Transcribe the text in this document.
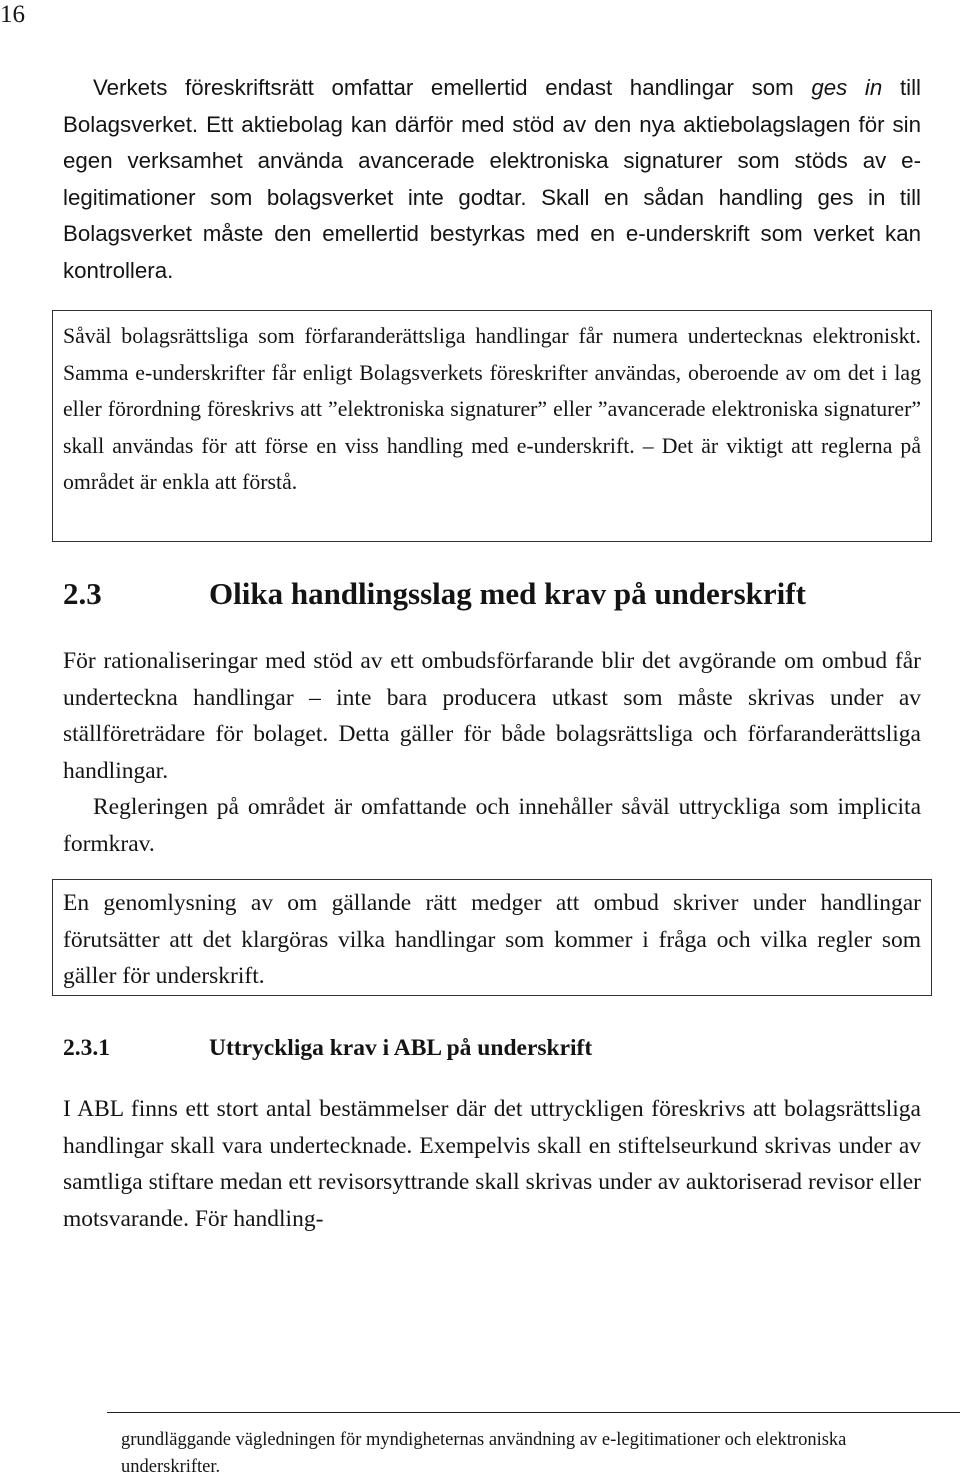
16

Verkets föreskriftsrätt omfattar emellertid endast handlingar som ges in till Bolagsverket. Ett aktiebolag kan därför med stöd av den nya aktiebolagslagen för sin egen verksamhet använda avancerade elektroniska signaturer som stöds av e-legitimationer som bolagsverket inte godtar. Skall en sådan handling ges in till Bolagsverket måste den emellertid bestyrkas med en e-underskrift som verket kan kontrollera.

Såväl bolagsrättsliga som förfaranderättsliga handlingar får numera undertecknas elektroniskt. Samma e-underskrifter får enligt Bolagsverkets föreskrifter användas, oberoende av om det i lag eller förordning föreskrivs att ”elektroniska signaturer” eller ”avancerade elektroniska signaturer” skall användas för att förse en viss handling med e-underskrift. – Det är viktigt att reglerna på området är enkla att förstå.

2.3	Olika handlingsslag med krav på underskrift

För rationaliseringar med stöd av ett ombudsförfarande blir det avgörande om ombud får underteckna handlingar – inte bara producera utkast som måste skrivas under av ställföreträdare för bolaget. Detta gäller för både bolagsrättsliga och förfaranderättsliga handlingar.

Regleringen på området är omfattande och innehåller såväl uttryckliga som implicita formkrav.

En genomlysning av om gällande rätt medger att ombud skriver under handlingar förutsätter att det klargöras vilka handlingar som kommer i fråga och vilka regler som gäller för underskrift.

2.3.1	Uttryckliga krav i ABL på underskrift

I ABL finns ett stort antal bestämmelser där det uttryckligen föreskrivs att bolagsrättsliga handlingar skall vara undertecknade. Exempelvis skall en stiftelseurkund skrivas under av samtliga stiftare medan ett revisorsyttrande skall skrivas under av auktoriserad revisor eller motsvarande. För handling-

grundläggande vägledningen för myndigheternas användning av e-legitimationer och elektroniska underskrifter.
